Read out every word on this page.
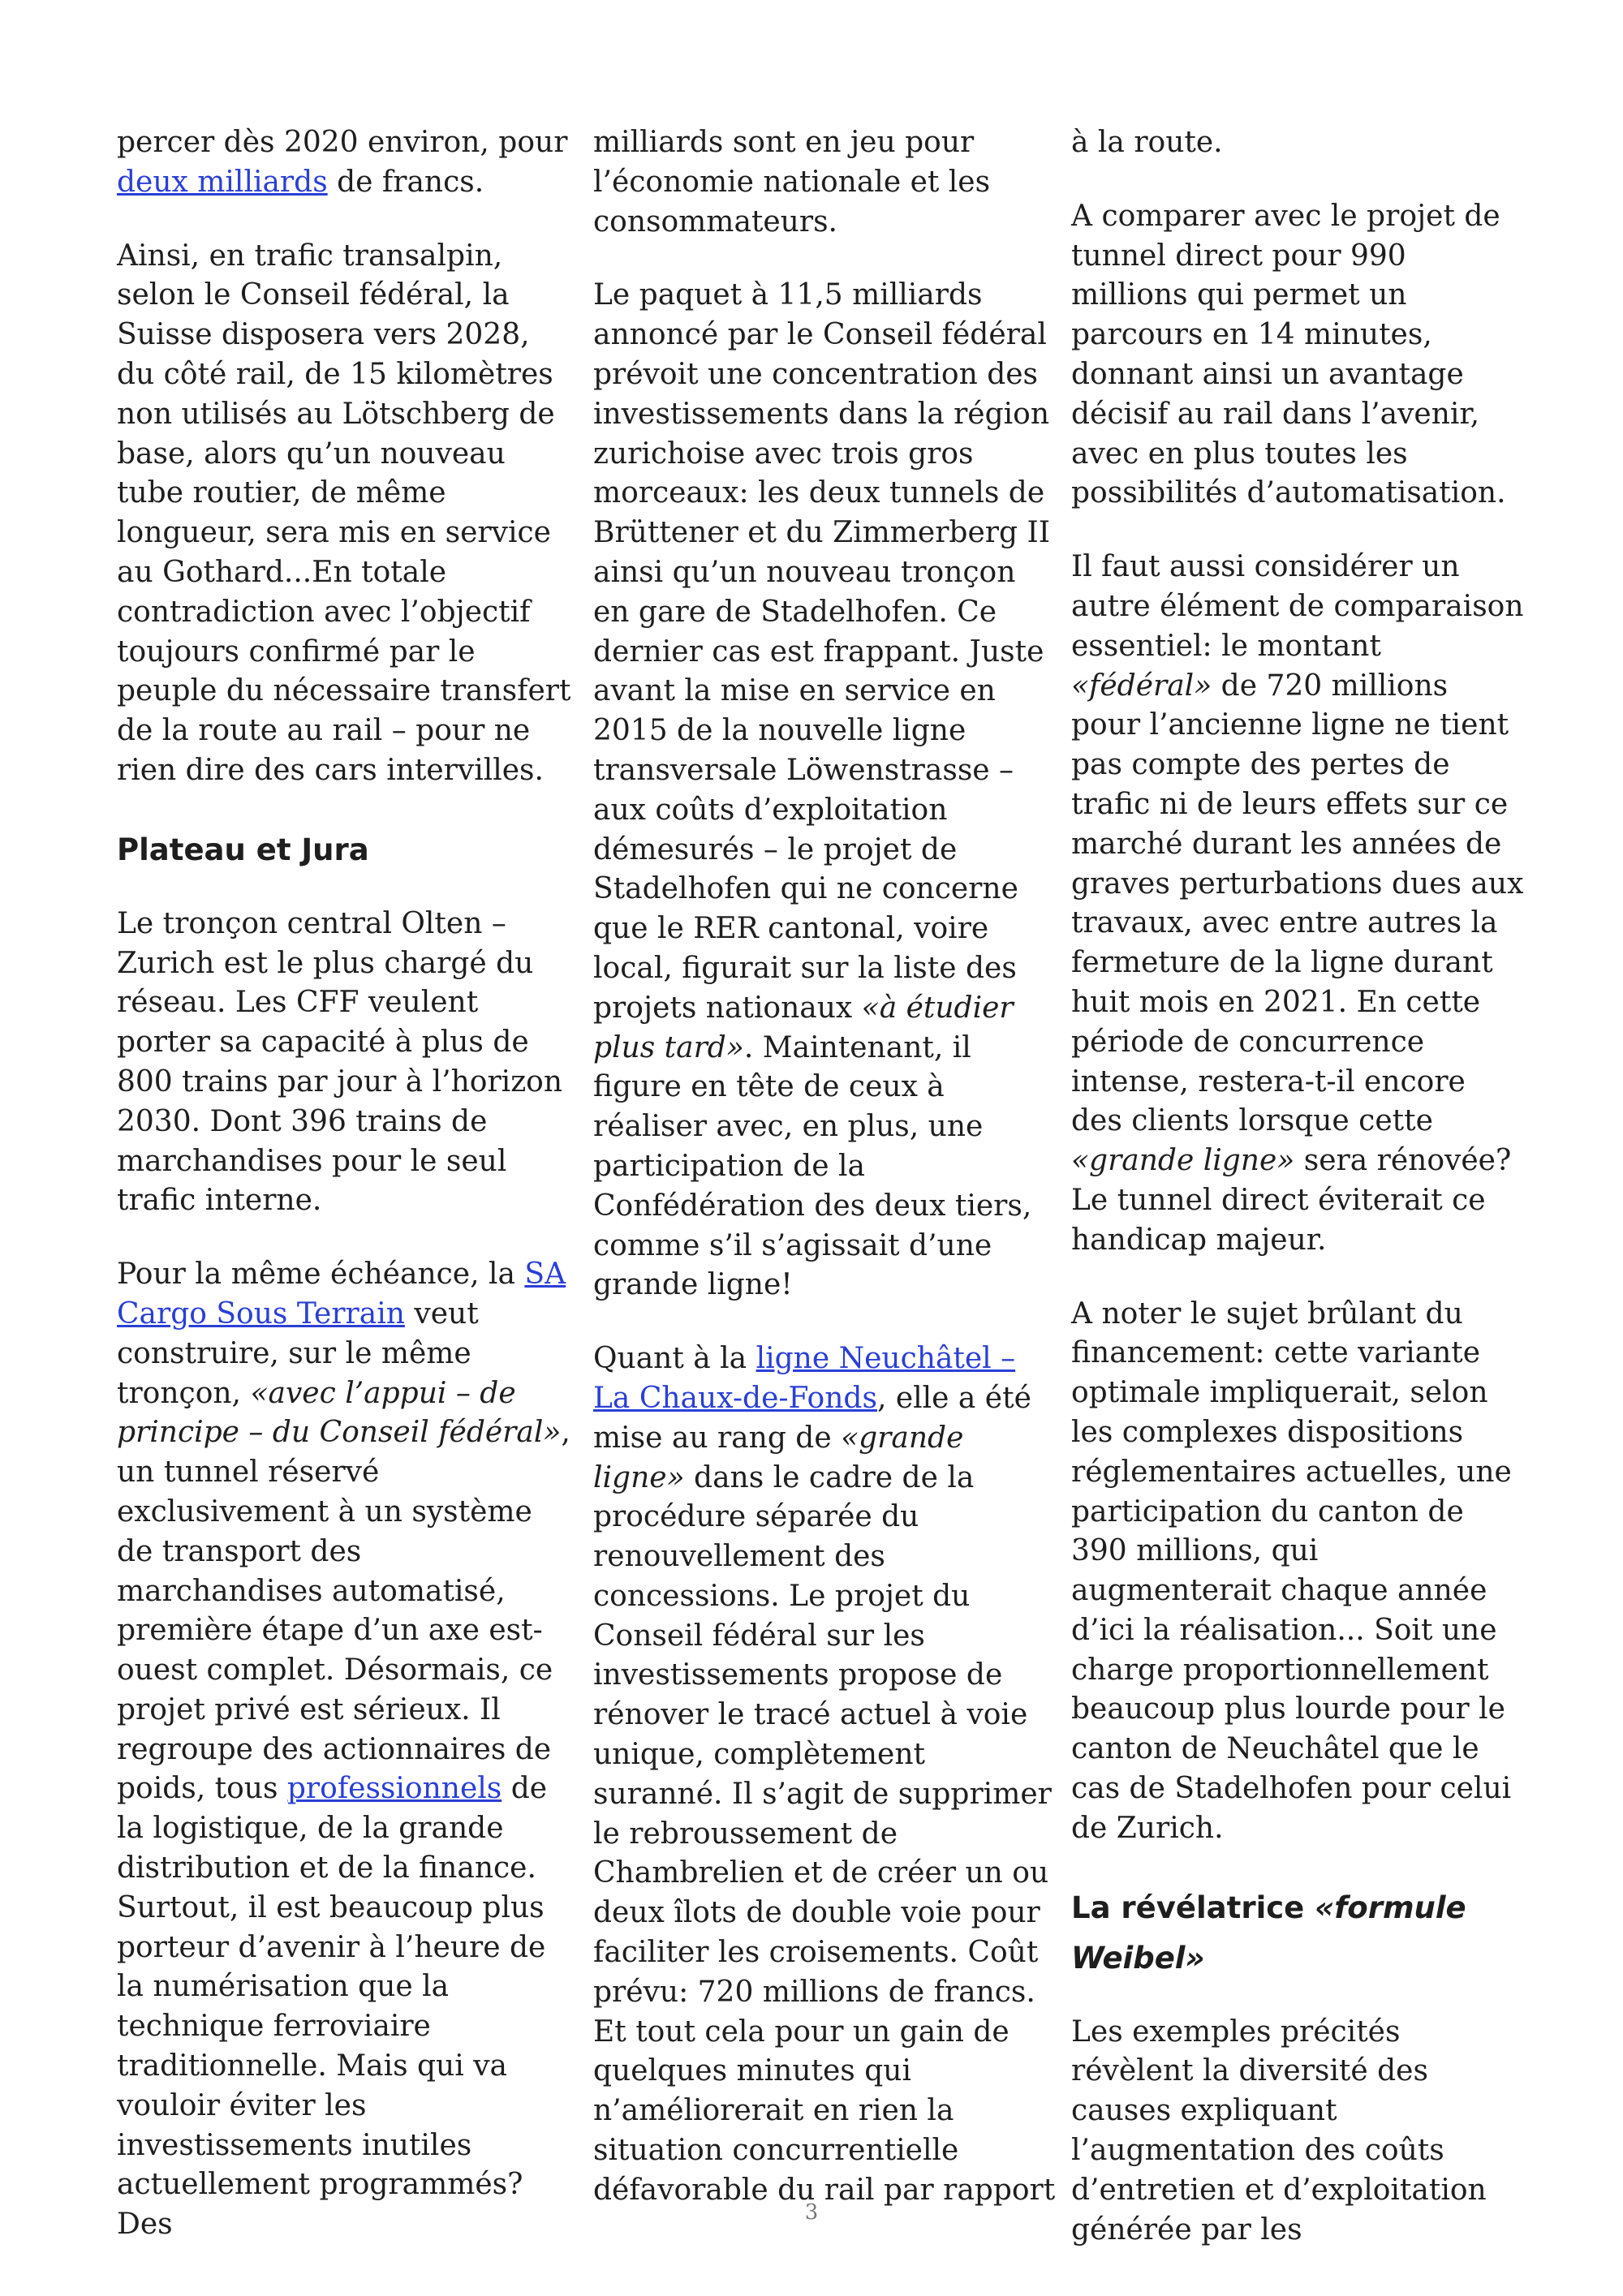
percer dès 2020 environ, pour deux milliards de francs.

Ainsi, en trafic transalpin, selon le Conseil fédéral, la Suisse disposera vers 2028, du côté rail, de 15 kilomètres non utilisés au Lötschberg de base, alors qu’un nouveau tube routier, de même longueur, sera mis en service au Gothard...En totale contradiction avec l’objectif toujours confirmé par le peuple du nécessaire transfert de la route au rail – pour ne rien dire des cars intervilles.

Plateau et Jura

Le tronçon central Olten – Zurich est le plus chargé du réseau. Les CFF veulent porter sa capacité à plus de 800 trains par jour à l’horizon 2030. Dont 396 trains de marchandises pour le seul trafic interne.

Pour la même échéance, la SA Cargo Sous Terrain veut construire, sur le même tronçon, «avec l’appui – de principe – du Conseil fédéral», un tunnel réservé exclusivement à un système de transport des marchandises automatisé, première étape d’un axe est-ouest complet. Désormais, ce projet privé est sérieux. Il regroupe des actionnaires de poids, tous professionnels de la logistique, de la grande distribution et de la finance. Surtout, il est beaucoup plus porteur d’avenir à l’heure de la numérisation que la technique ferroviaire traditionnelle. Mais qui va vouloir éviter les investissements inutiles actuellement programmés? Des

milliards sont en jeu pour l’économie nationale et les consommateurs.

Le paquet à 11,5 milliards annoncé par le Conseil fédéral prévoit une concentration des investissements dans la région zurichoise avec trois gros morceaux: les deux tunnels de Brüttener et du Zimmerberg II ainsi qu’un nouveau tronçon en gare de Stadelhofen. Ce dernier cas est frappant. Juste avant la mise en service en 2015 de la nouvelle ligne transversale Löwenstrasse – aux coûts d’exploitation démesurés – le projet de Stadelhofen qui ne concerne que le RER cantonal, voire local, figurait sur la liste des projets nationaux «à étudier plus tard». Maintenant, il figure en tête de ceux à réaliser avec, en plus, une participation de la Confédération des deux tiers, comme s’il s’agissait d’une grande ligne!

Quant à la ligne Neuchâtel – La Chaux-de-Fonds, elle a été mise au rang de «grande ligne» dans le cadre de la procédure séparée du renouvellement des concessions. Le projet du Conseil fédéral sur les investissements propose de rénover le tracé actuel à voie unique, complètement suranné. Il s’agit de supprimer le rebroussement de Chambrelien et de créer un ou deux îlots de double voie pour faciliter les croisements. Coût prévu: 720 millions de francs. Et tout cela pour un gain de quelques minutes qui n’améliorerait en rien la situation concurrentielle défavorable du rail par rapport

à la route.

A comparer avec le projet de tunnel direct pour 990 millions qui permet un parcours en 14 minutes, donnant ainsi un avantage décisif au rail dans l’avenir, avec en plus toutes les possibilités d’automatisation.

Il faut aussi considérer un autre élément de comparaison essentiel: le montant «fédéral» de 720 millions pour l’ancienne ligne ne tient pas compte des pertes de trafic ni de leurs effets sur ce marché durant les années de graves perturbations dues aux travaux, avec entre autres la fermeture de la ligne durant huit mois en 2021. En cette période de concurrence intense, restera-t-il encore des clients lorsque cette «grande ligne» sera rénovée? Le tunnel direct éviterait ce handicap majeur.

A noter le sujet brûlant du financement: cette variante optimale impliquerait, selon les complexes dispositions réglementaires actuelles, une participation du canton de 390 millions, qui augmenterait chaque année d’ici la réalisation... Soit une charge proportionnellement beaucoup plus lourde pour le canton de Neuchâtel que le cas de Stadelhofen pour celui de Zurich.

La révélatrice «formule Weibel»

Les exemples précités révèlent la diversité des causes expliquant l’augmentation des coûts d’entretien et d’exploitation générée par les

3
